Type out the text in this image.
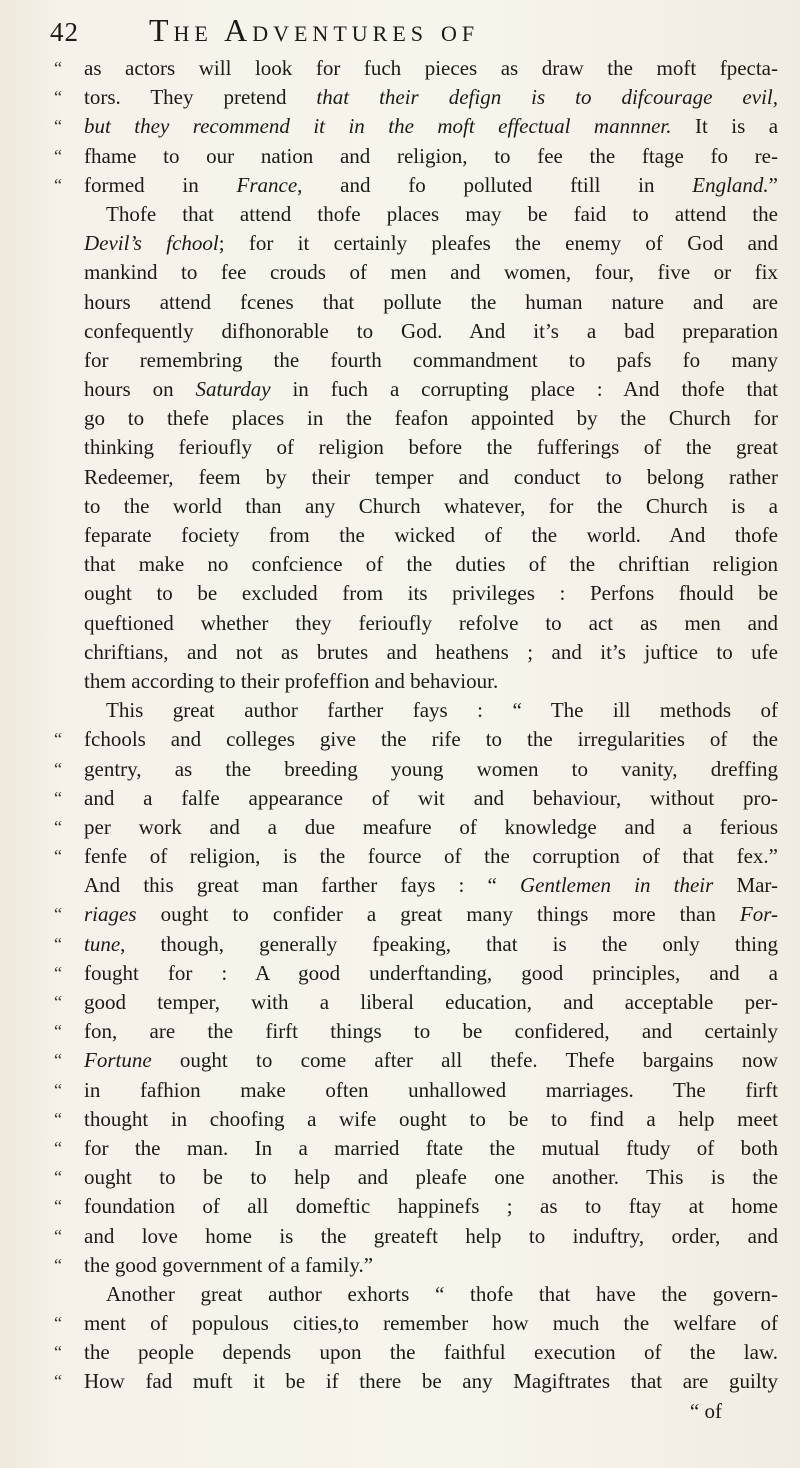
42 The Adventures of
“ as actors will look for fuch pieces as draw the moft fpecta-
“ tors. They pretend that their defign is to difcourage evil,
“ but they recommend it in the moft effectual mannner. It is a
“ fhame to our nation and religion, to fee the ftage fo re-
“ formed in France, and fo polluted ftill in England.”
Thofe that attend thofe places may be faid to attend the
Devil’s fchool; for it certainly pleafes the enemy of God and
mankind to fee crouds of men and women, four, five or fix
hours attend fcenes that pollute the human nature and are
confequently difhonorable to God. And it’s a bad preparation
for remembring the fourth commandment to pafs fo many
hours on Saturday in fuch a corrupting place : And thofe that
go to thefe places in the feafon appointed by the Church for
thinking ferioufly of religion before the fufferings of the great
Redeemer, feem by their temper and conduct to belong rather
to the world than any Church whatever, for the Church is a
feparate fociety from the wicked of the world. And thofe
that make no confcience of the duties of the chriftian religion
ought to be excluded from its privileges : Perfons fhould be
queftioned whether they ferioufly refolve to act as men and
chriftians, and not as brutes and heathens ; and it’s juftice to ufe
them according to their profeffion and behaviour.
This great author farther fays : “ The ill methods of
“ fchools and colleges give the rife to the irregularities of the
“ gentry, as the breeding young women to vanity, dreffing
“ and a falfe appearance of wit and behaviour, without pro-
“ per work and a due meafure of knowledge and a ferious
“ fenfe of religion, is the fource of the corruption of that fex.”
And this great man farther fays : “ Gentlemen in their Mar-
“ riages ought to confider a great many things more than For-
“ tune, though, generally fpeaking, that is the only thing
“ fought for : A good underftanding, good principles, and a
“ good temper, with a liberal education, and acceptable per-
“ fon, are the firft things to be confidered, and certainly
“ Fortune ought to come after all thefe. Thefe bargains now
“ in fafhion make often unhallowed marriages. The firft
“ thought in choofing a wife ought to be to find a help meet
“ for the man. In a married ftate the mutual ftudy of both
“ ought to be to help and pleafe one another. This is the
“ foundation of all domeftic happinefs ; as to ftay at home
“ and love home is the greateft help to induftry, order, and
“ the good government of a family.”
Another great author exhorts “ thofe that have the govern-
“ ment of populous cities,to remember how much the welfare of
“ the people depends upon the faithful execution of the law.
“ How fad muft it be if there be any Magiftrates that are guilty
“ of
